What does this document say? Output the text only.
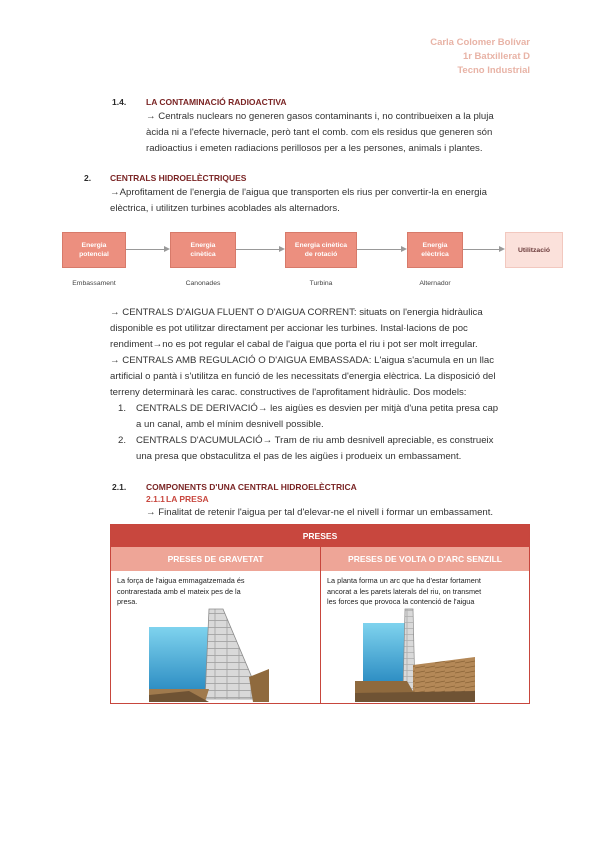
Carla Colomer Bolívar
1r Batxillerat D
Tecno Industrial
1.4. LA CONTAMINACIÓ RADIOACTIVA
→ Centrals nuclears no generen gasos contaminants i, no contribueixen a la pluja
àcida ni a l'efecte hivernacle, però tant el comb. com els residus que generen són
radioactius i emeten radiacions perillosos per a les persones, animals i plantes.
2. CENTRALS HIDROELÈCTRIQUES
→Aprofitament de l'energia de l'aigua que transporten els rius per convertir-la en energia
elèctrica, i utilitzen turbines acoblades als alternadors.
Energia
potencial
Energia
cinètica
Energia cinètica
de rotació
Energia
elèctrica
Utilització
Embassament	Canonades	Turbina	Alternador
→ CENTRALS D'AIGUA FLUENT O D'AIGUA CORRENT: situats on l'energia hidràulica
disponible es pot utilitzar directament per accionar les turbines. Instal·lacions de poc
rendiment→no es pot regular el cabal de l'aigua que porta el riu i pot ser molt irregular.
→ CENTRALS AMB REGULACIÓ O D'AIGUA EMBASSADA: L'aigua s'acumula en un llac
artificial o pantà i s'utilitza en funció de les necessitats d'energia elèctrica. La disposició del
terreny determinarà les carac. constructives de l'aprofitament hidràulic. Dos models:
1. CENTRALS DE DERIVACIÓ→ les aigües es desvien per mitjà d'una petita presa cap
a un canal, amb el mínim desnivell possible.
2. CENTRALS D'ACUMULACIÓ→ Tram de riu amb desnivell apreciable, es construeix
una presa que obstaculitza el pas de les aigües i produeix un embassament.
2.1. COMPONENTS D'UNA CENTRAL HIDROELÈCTRICA
2.1.1 LA PRESA
→ Finalitat de retenir l'aigua per tal d'elevar-ne el nivell i formar un embassament.
PRESES
PRESES DE GRAVETAT	PRESES DE VOLTA O D'ARC SENZILL
La força de l'aigua emmagatzemada és
contrarestada amb el mateix pes de la
presa.
La planta forma un arc que ha d'estar fortament
ancorat a les parets laterals del riu, on transmet
les forces que provoca la contenció de l'aigua
